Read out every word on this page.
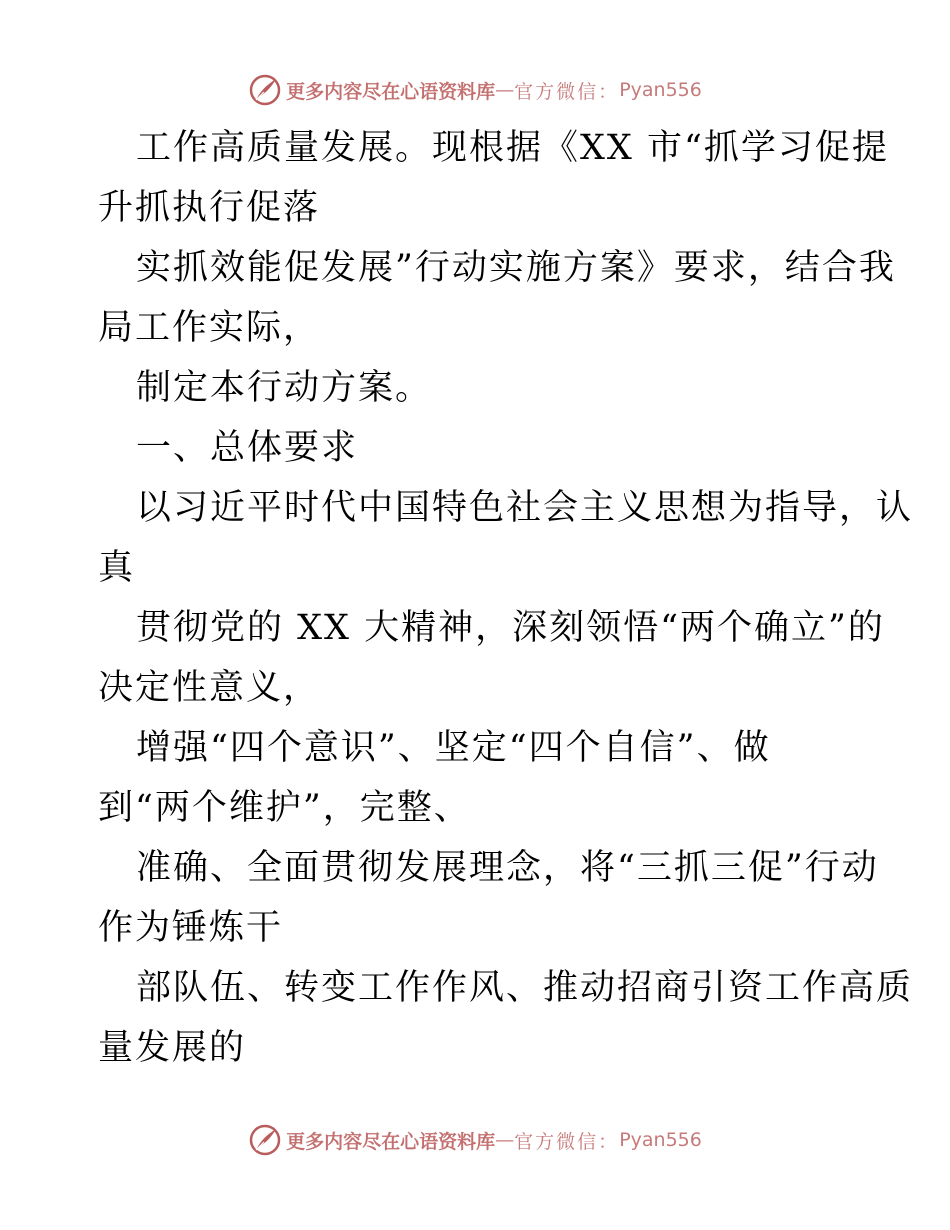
更多内容尽在心语资料库 — 官方微信： Pyan556

工作高质量发展。现根据《XX 市“抓学习促提
升抓执行促落

实抓效能促发展”行动实施方案》要求，结合我
局工作实际，

制定本行动方案。

一、总体要求

以习近平时代中国特色社会主义思想为指导，认
真

贯彻党的 XX 大精神，深刻领悟“两个确立”的
决定性意义，

增强“四个意识”、坚定“四个自信”、做
到“两个维护”，完整、

准确、全面贯彻发展理念，将“三抓三促”行动
作为锤炼干

部队伍、转变工作作风、推动招商引资工作高质
量发展的

更多内容尽在心语资料库 — 官方微信： Pyan556
